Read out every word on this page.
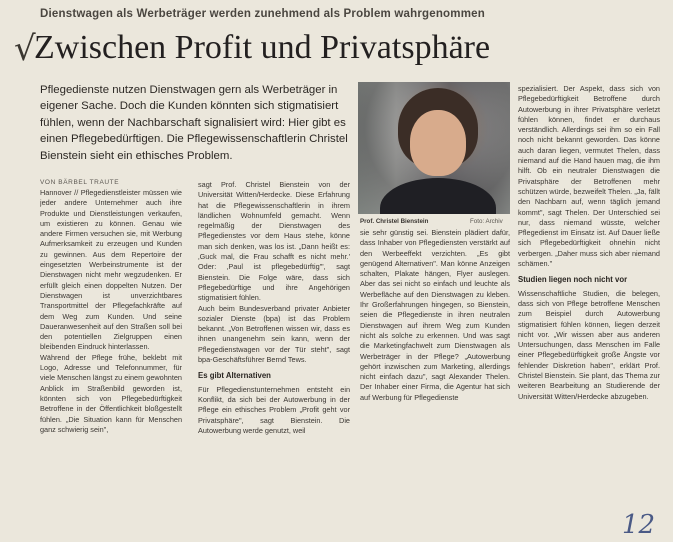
Dienstwagen als Werbeträger werden zunehmend als Problem wahrgenommen
√
Zwischen Profit und Privatsphäre
Pflegedienste nutzen Dienstwagen gern als Werbeträger in eigener Sache. Doch die Kunden könnten sich stigmatisiert fühlen, wenn der Nachbarschaft signalisiert wird: Hier gibt es einen Pflegebedürftigen. Die Pflegewissenschaftlerin Christel Bienstein sieht ein ethisches Problem.
VON BÄRBEL TRAUTE

Hannover // Pflegedienstleister müssen wie jeder andere Unternehmer auch ihre Produkte und Dienstleistungen verkaufen, um existieren zu können. Genau wie andere Firmen versuchen sie, mit Werbung Aufmerksamkeit zu erzeugen und Kunden zu gewinnen. Aus dem Repertoire der eingesetzten Werbeinstrumente ist der Dienstwagen nicht mehr wegzudenken. Er erfüllt gleich einen doppelten Nutzen. Der Dienstwagen ist unverzichtbares Transportmittel der Pflegefachkräfte auf dem Weg zum Kunden. Und seine Daueranwesenheit auf den Straßen soll bei den potentiellen Zielgruppen einen bleibenden Eindruck hinterlassen.

Während der Pflege frühe, beklebt mit Logo, Adresse und Telefonnummer, für viele Menschen längst zu einem gewohnten Anblick im Straßenbild geworden ist, könnten sich von Pflegebedürftigkeit Betroffene in der Öffentlichkeit bloßgestellt fühlen. „Die Situation kann für Menschen ganz schwierig sein",

sagt Prof. Christel Bienstein von der Universität Witten/Herdecke. Diese Erfahrung hat die Pflegewissenschaftlerin in ihrem ländlichen Wohnumfeld gemacht. Wenn regelmäßig der Dienstwagen des Pflegedienstes vor dem Haus stehe, könne man sich denken, was los ist. „Dann heißt es: ‚Guck mal, die Frau schafft es nicht mehr.' Oder: ‚Paul ist pflegebedürftig'", sagt Bienstein. Die Folge wäre, dass sich Pflegebedürftige und ihre Angehörigen stigmatisiert fühlen.

Auch beim Bundesverband privater Anbieter sozialer Dienste (bpa) ist das Problem bekannt. „Von Betroffenen wissen wir, dass es ihnen unangenehm sein kann, wenn der Pflegedienstwagen vor der Tür steht", sagt bpa-Geschäftsführer Bernd Tews.

Es gibt Alternativen

Für Pflegedienstunternehmen entsteht ein Konflikt, da sich bei der Autowerbung in der Pflege ein ethisches Problem „Profit geht vor Privatsphäre", sagt Bienstein. Die Autowerbung werde genutzt, weil

Prof. Christel Bienstein	Foto: Archiv

sie sehr günstig sei. Bienstein plädiert dafür, dass Inhaber von Pflegediensten verstärkt auf den Werbeeffekt verzichten. „Es gibt genügend Alternativen". Man könne Anzeigen schalten, Plakate hängen, Flyer auslegen. Aber das sei nicht so einfach und leuchte als Werbefläche auf den Dienstwagen zu kleben. Ihr Großerfahrungen hingegen, so Bienstein, seien die Pflegedienste in ihren neutralen Dienstwagen auf ihrem Weg zum Kunden nicht als solche zu erkennen. Und was sagt die Marketingfachwelt zum Dienstwagen als Werbeträger in der Pflege? „Autowerbung gehört inzwischen zum Marketing, allerdings nicht einfach dazu", sagt Alexander Thelen. Der Inhaber einer Firma, die Agentur hat sich auf Werbung für Pflegedienste

spezialisiert. Der Aspekt, dass sich von Pflegebedürftigkeit Betroffene durch Autowerbung in ihrer Privatsphäre verletzt fühlen können, findet er durchaus verständlich. Allerdings sei ihm so ein Fall noch nicht bekannt geworden. Das könne auch daran liegen, vermutet Thelen, dass niemand auf die Hand hauen mag, die ihm hilft. Ob ein neutraler Dienstwagen die Privatsphäre der Betroffenen mehr schützen würde, bezweifelt Thelen. „Ja, fällt den Nachbarn auf, wenn täglich jemand kommt", sagt Thelen. Der Unterschied sei nur, dass niemand wüsste, welcher Pflegedienst im Einsatz ist. Auf Dauer ließe sich Pflegebedürftigkeit ohnehin nicht verbergen. „Daher muss sich aber niemand schämen."

Studien liegen noch nicht vor

Wissenschaftliche Studien, die belegen, dass sich von Pflege betroffene Menschen zum Beispiel durch Autowerbung stigmatisiert fühlen können, liegen derzeit nicht vor. „Wir wissen aber aus anderen Untersuchungen, dass Menschen im Falle einer Pflegebedürftigkeit große Ängste vor fehlender Diskretion haben", erklärt Prof. Christel Bienstein. Sie plant, das Thema zur weiteren Bearbeitung an Studierende der Universität Witten/Herdecke abzugeben.

12
